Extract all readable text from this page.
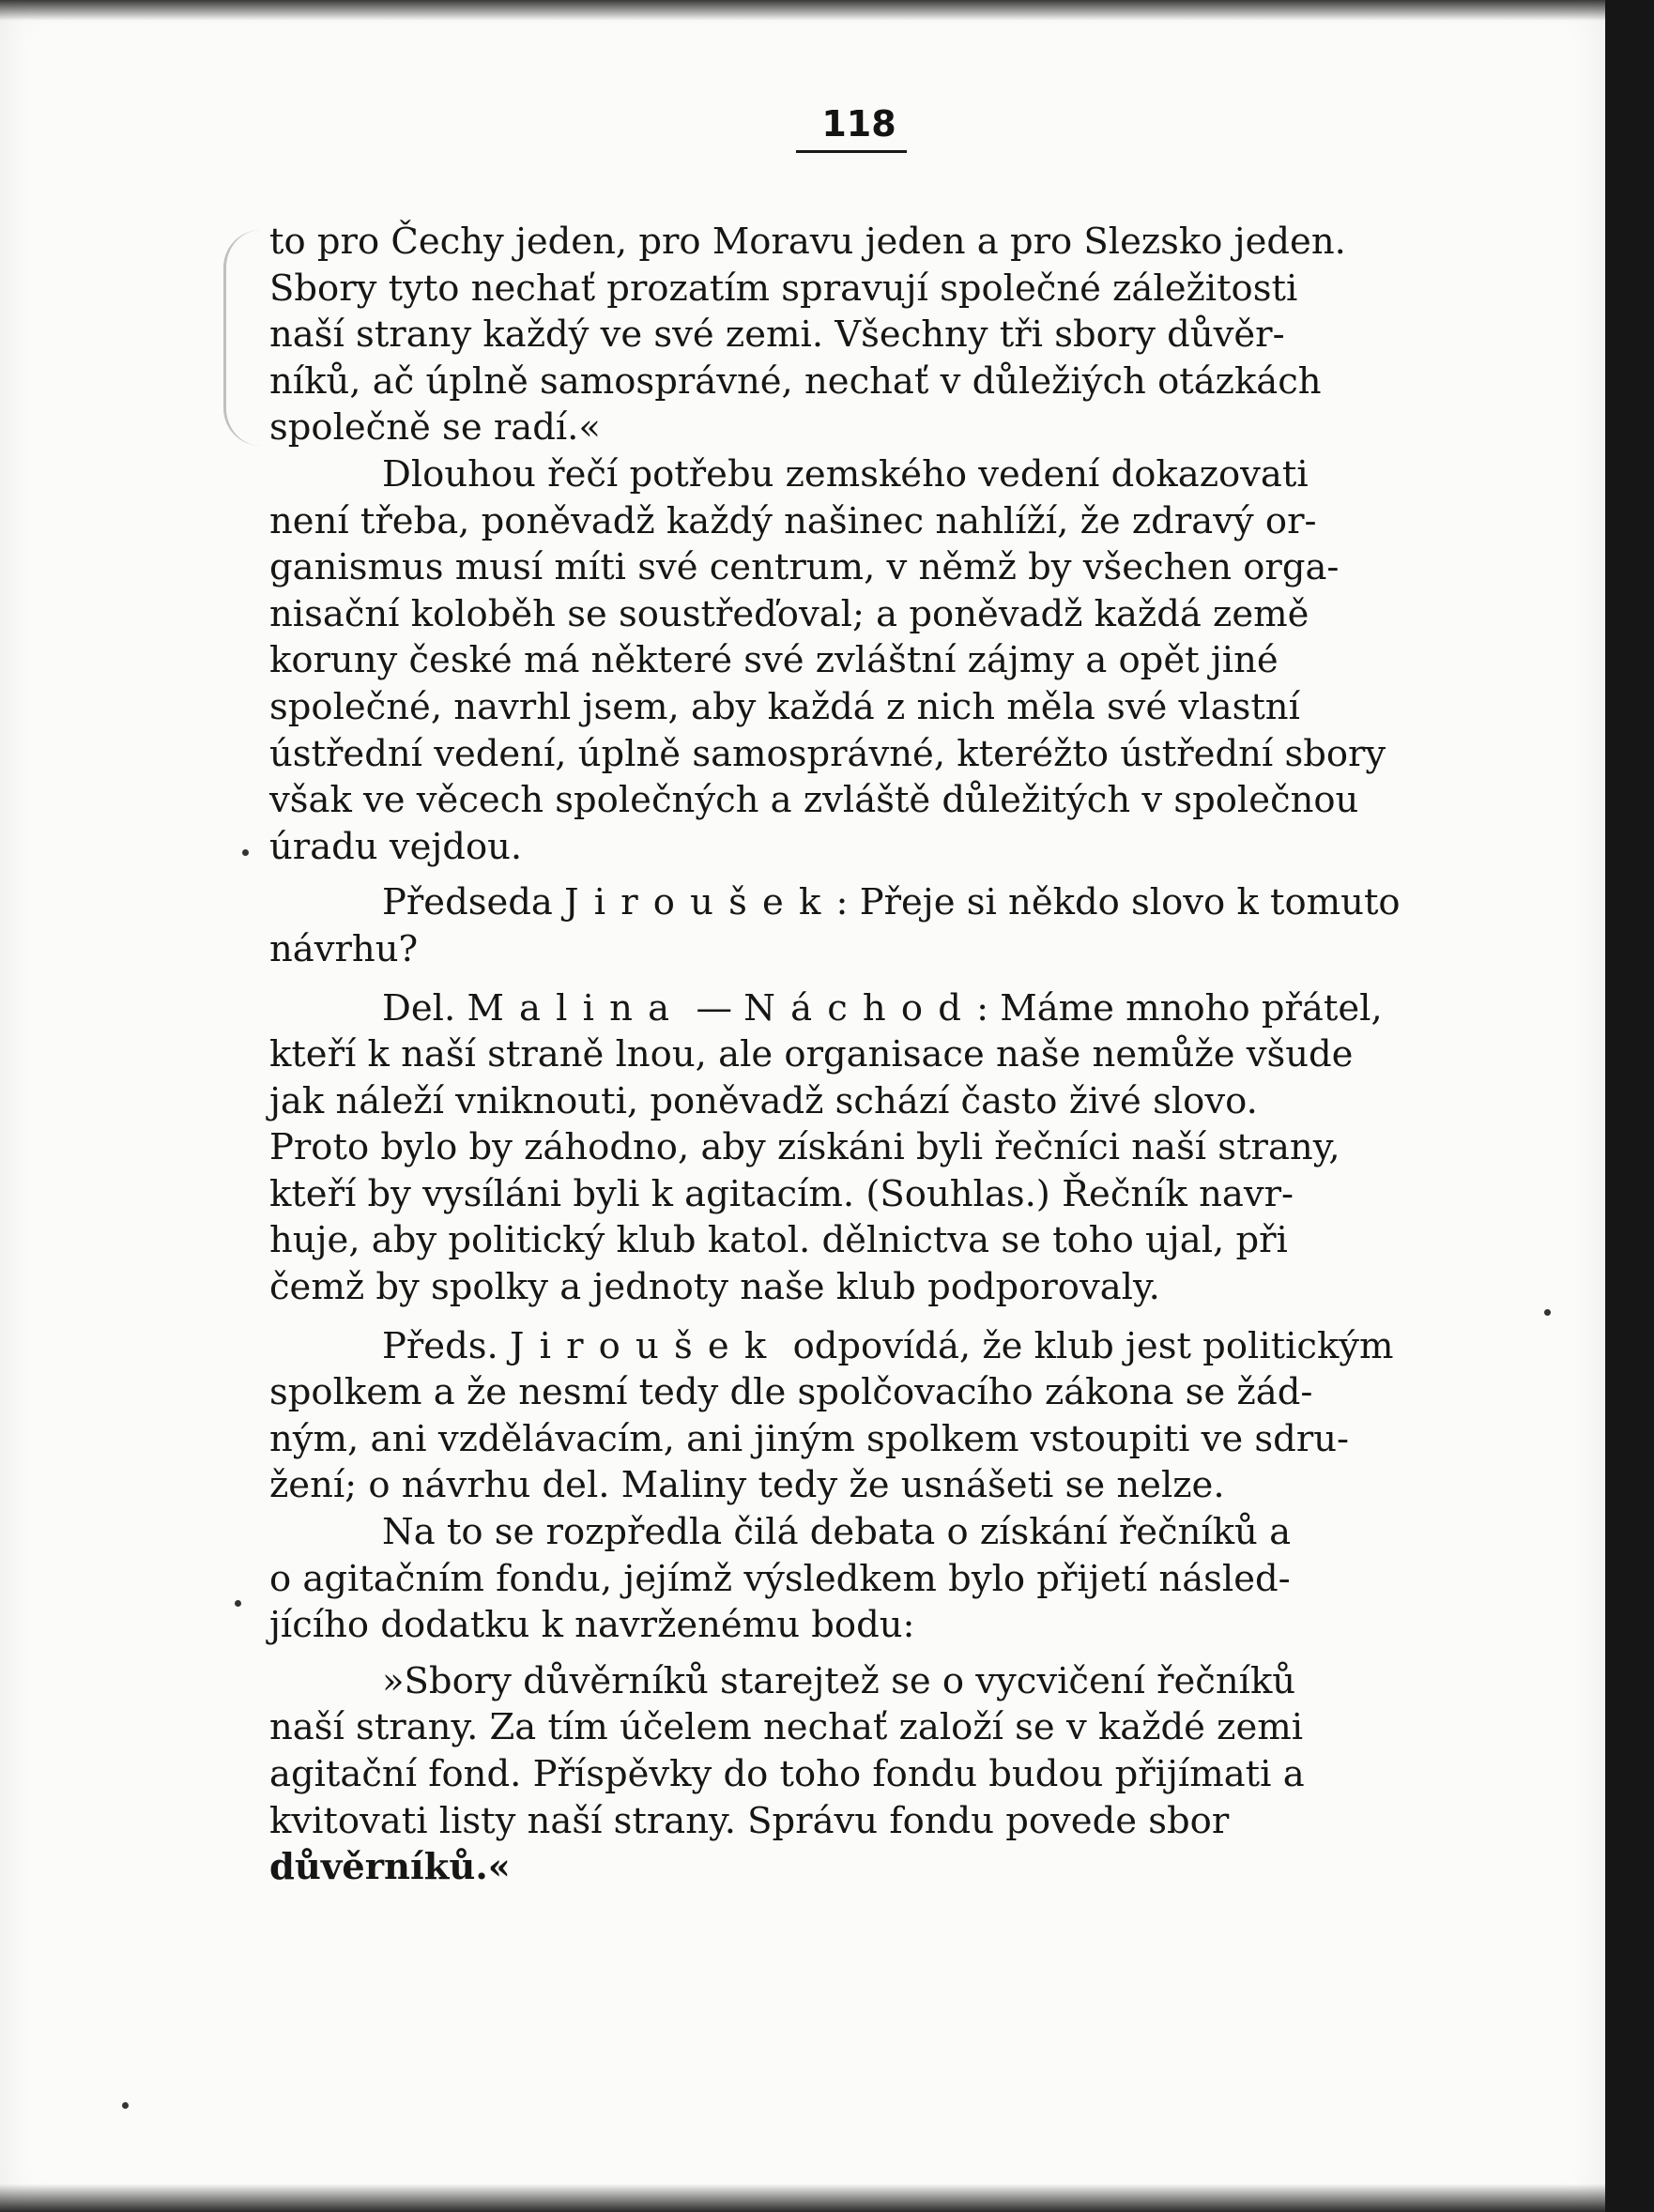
118

to pro Čechy jeden, pro Moravu jeden a pro Slezsko jeden.
Sbory tyto nechať prozatím spravují společné záležitosti
naší strany každý ve své zemi. Všechny tři sbory důvěr-
níků, ač úplně samosprávné, nechať v důležiých otázkách
společně se radí.«

Dlouhou řečí potřebu zemského vedení dokazovati
není třeba, poněvadž každý našinec nahlíží, že zdravý or-
ganismus musí míti své centrum, v němž by všechen orga-
nisační koloběh se soustřeďoval; a poněvadž každá země
koruny české má některé své zvláštní zájmy a opět jiné
společné, navrhl jsem, aby každá z nich měla své vlastní
ústřední vedení, úplně samosprávné, kteréžto ústřední sbory
však ve věcech společných a zvláště důležitých v společnou
úradu vejdou.

Předseda Jiroušek: Přeje si někdo slovo k tomuto
návrhu?

Del. Malina — Náchod: Máme mnoho přátel,
kteří k naší straně lnou, ale organisace naše nemůže všude
jak náleží vniknouti, poněvadž schází často živé slovo.
Proto bylo by záhodno, aby získáni byli řečníci naší strany,
kteří by vysíláni byli k agitacím. (Souhlas.) Řečník navr-
huje, aby politický klub katol. dělnictva se toho ujal, při
čemž by spolky a jednoty naše klub podporovaly.

Předs. Jiroušek odpovídá, že klub jest politickým
spolkem a že nesmí tedy dle spolčovacího zákona se žád-
ným, ani vzdělávacím, ani jiným spolkem vstoupiti ve sdru-
žení; o návrhu del. Maliny tedy že usnášeti se nelze.

Na to se rozpředla čilá debata o získání řečníků a
o agitačním fondu, jejímž výsledkem bylo přijetí násled-
jícího dodatku k navrženému bodu:

»Sbory důvěrníků starejtež se o vycvičení řečníků
naší strany. Za tím účelem nechať založí se v každé zemi
agitační fond. Příspěvky do toho fondu budou přijímati a
kvitovati listy naší strany. Správu fondu povede sbor
důvěrníků.«
